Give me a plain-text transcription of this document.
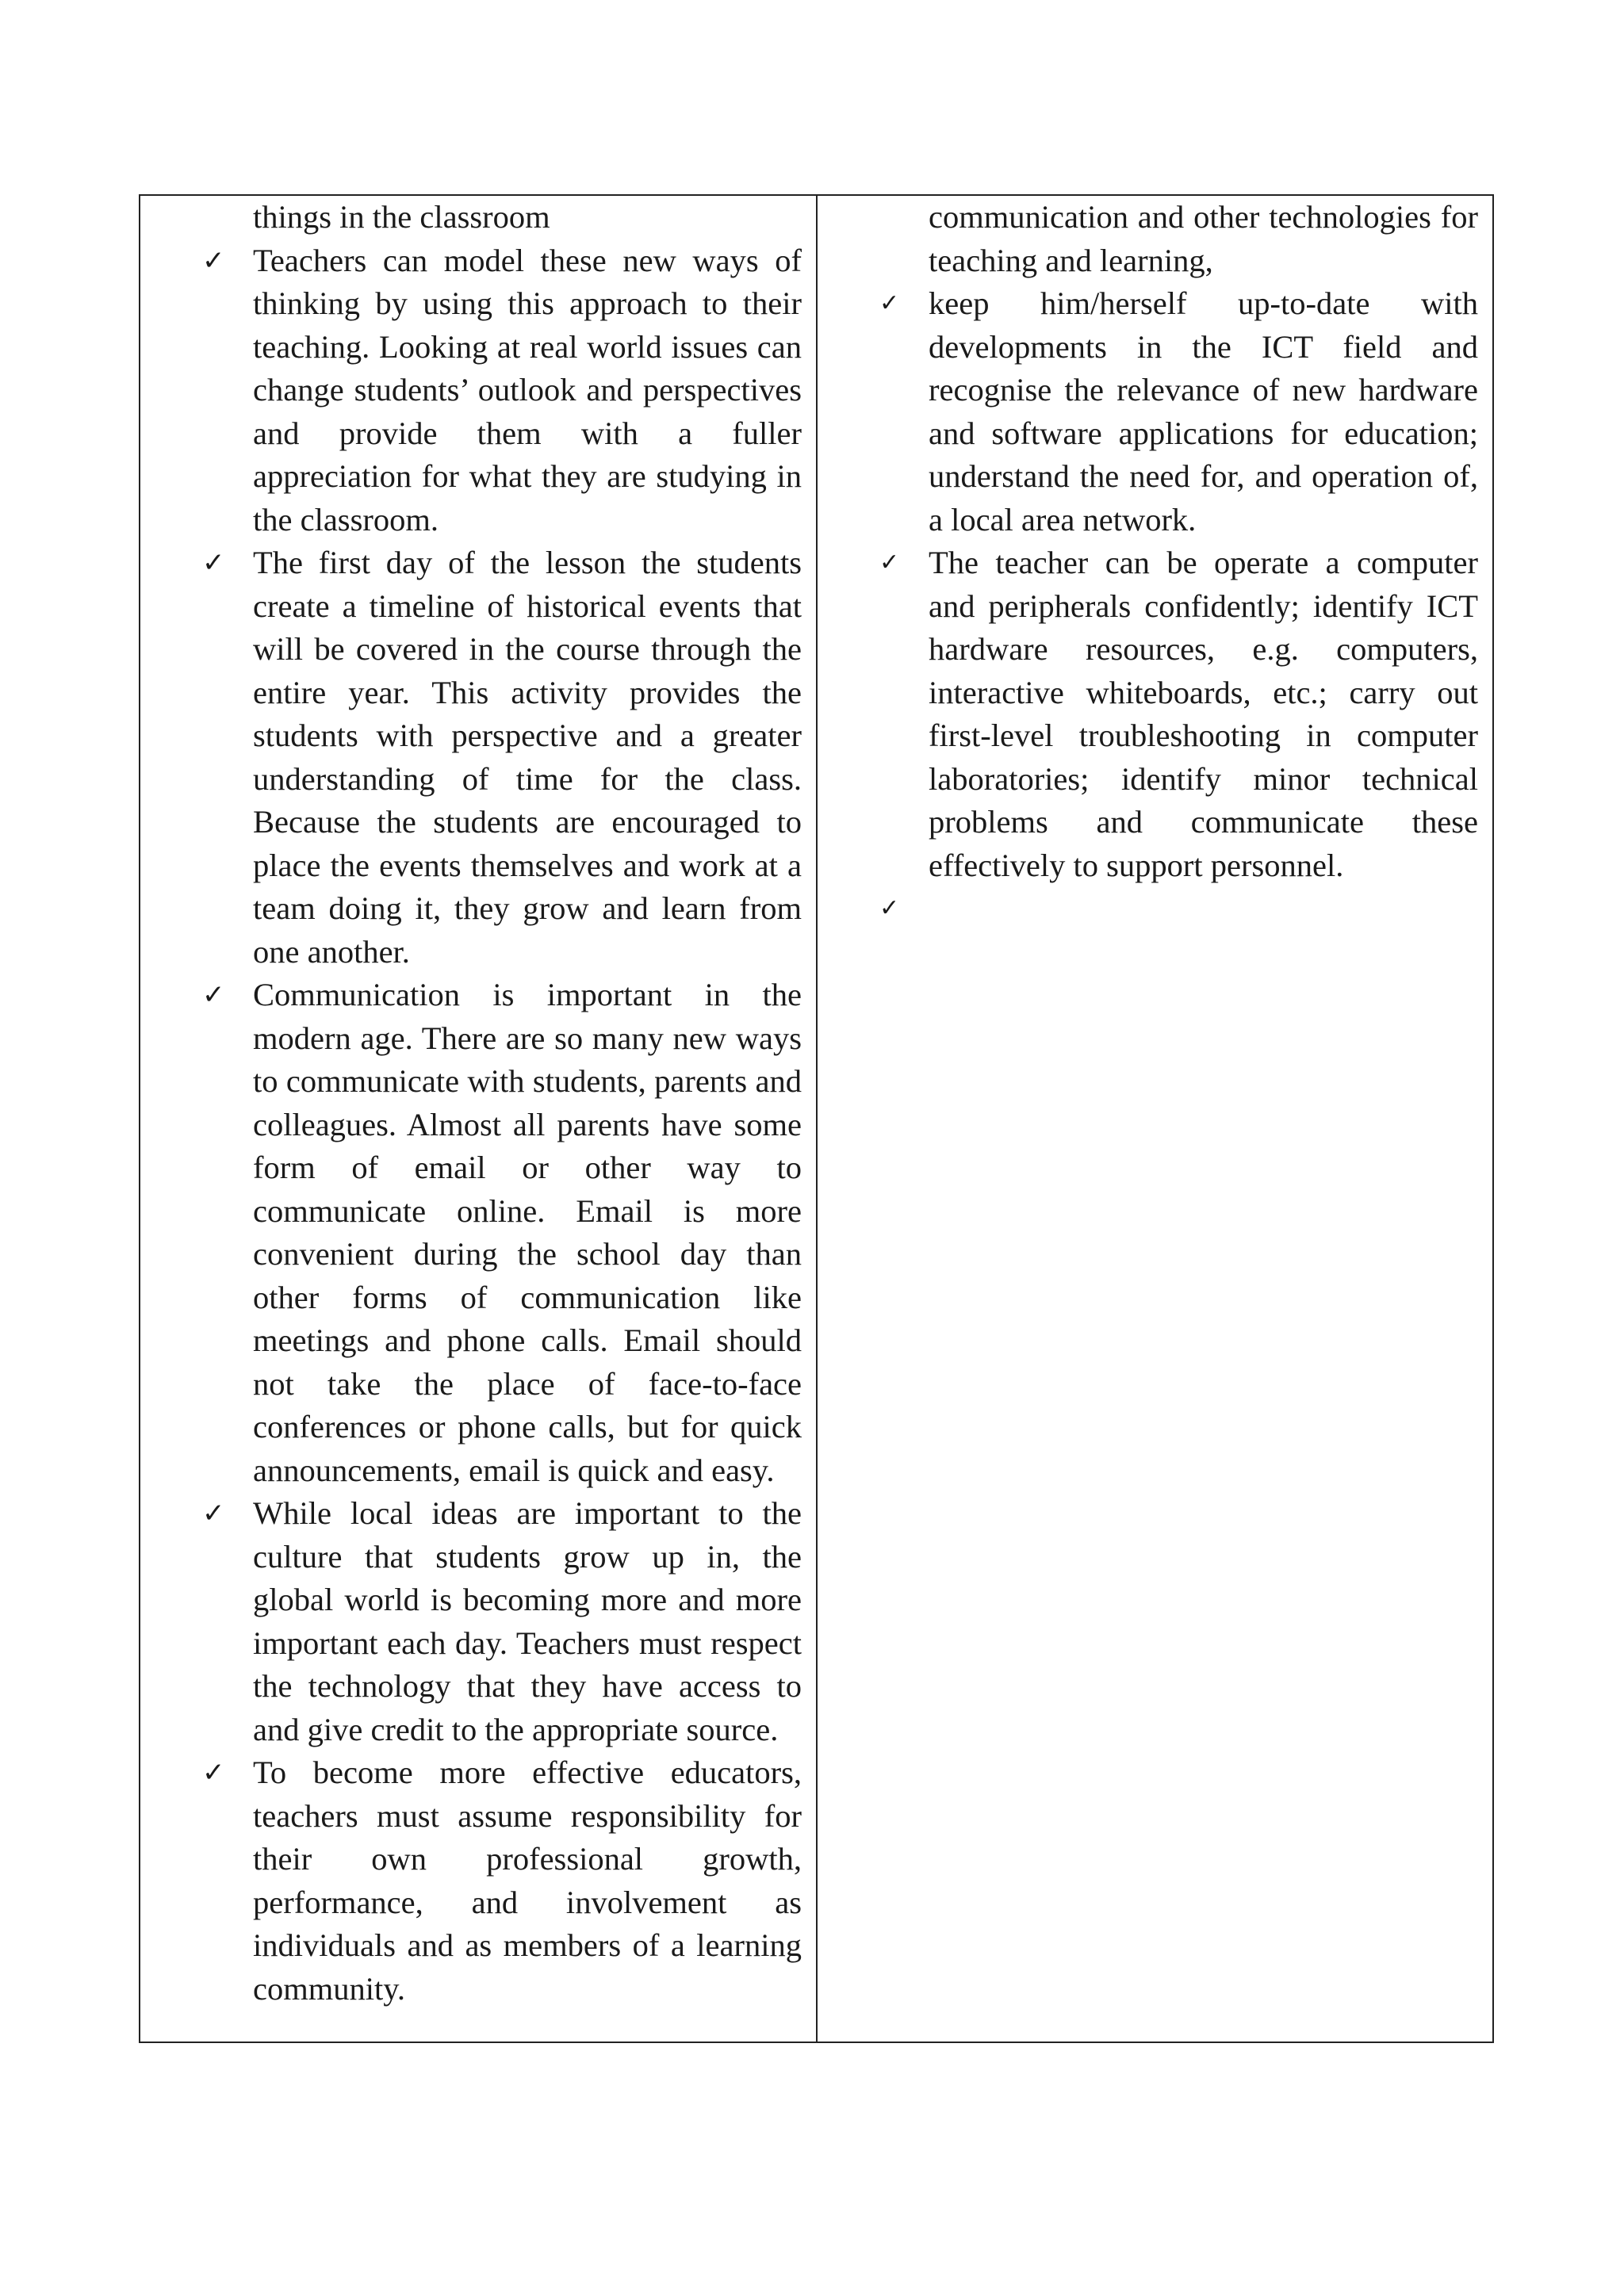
things in the classroom

✓ Teachers can model these new ways of thinking by using this approach to their teaching. Looking at real world issues can change students’ outlook and perspectives and provide them with a fuller appreciation for what they are studying in the classroom.

✓ The first day of the lesson the students create a timeline of historical events that will be covered in the course through the entire year. This activity provides the students with perspective and a greater understanding of time for the class. Because the students are encouraged to place the events themselves and work at a team doing it, they grow and learn from one another.

✓ Communication is important in the modern age. There are so many new ways to communicate with students, parents and colleagues. Almost all parents have some form of email or other way to communicate online. Email is more convenient during the school day than other forms of communication like meetings and phone calls. Email should not take the place of face-to-face conferences or phone calls, but for quick announcements, email is quick and easy.

✓ While local ideas are important to the culture that students grow up in, the global world is becoming more and more important each day. Teachers must respect the technology that they have access to and give credit to the appropriate source.

✓ To become more effective educators, teachers must assume responsibility for their own professional growth, performance, and involvement as individuals and as members of a learning community.

communication and other technologies for teaching and learning,

✓ keep him/herself up-to-date with developments in the ICT field and recognise the relevance of new hardware and software applications for education; understand the need for, and operation of, a local area network.

✓ The teacher can be operate a computer and peripherals confidently; identify ICT hardware resources, e.g. computers, interactive whiteboards, etc.; carry out first-level troubleshooting in computer laboratories; identify minor technical problems and communicate these effectively to support personnel.

✓
